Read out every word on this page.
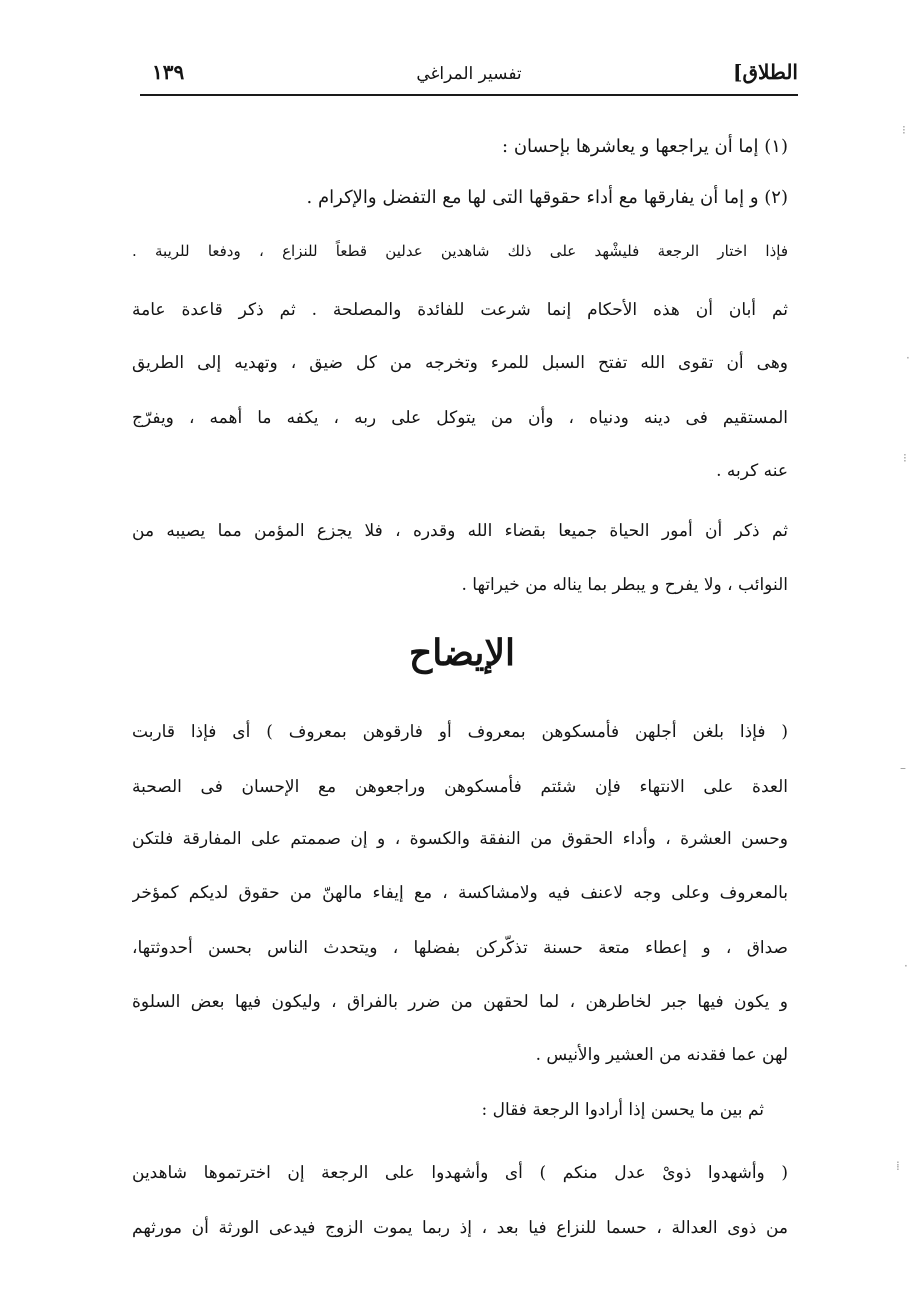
الطلاق]
تفسير المراغي
١٣٩
(١) إما أن يراجعها و يعاشرها بإحسان :
(٢) و إما أن يفارقها مع أداء حقوقها التى لها مع التفضل والإكرام .
فإذا اختار الرجعة فليشْهد على ذلك شاهدين عدلين قطعاً للنزاع ، ودفعا للريبة .
ثم أبان أن هذه الأحكام إنما شرعت للفائدة والمصلحة . ثم ذكر قاعدة عامة
وهى أن تقوى الله تفتح السبل للمرء وتخرجه من كل ضيق ، وتهديه إلى الطريق
المستقيم فى دينه ودنياه ، وأن من يتوكل على ربه ، يكفه ما أهمه ، ويفرّج
عنه كربه .
ثم ذكر أن أمور الحياة جميعا بقضاء الله وقدره ، فلا يجزع المؤمن مما يصيبه من
النوائب ، ولا يفرح و يبطر بما يناله من خيراتها .
الإيضاح
( فإذا بلغن أجلهن فأمسكوهن بمعروف أو فارقوهن بمعروف ) أى فإذا قاربت
العدة على الانتهاء فإن شئتم فأمسكوهن وراجعوهن مع الإحسان فى الصحبة
وحسن العشرة ، وأداء الحقوق من النفقة والكسوة ، و إن صممتم على المفارقة فلتكن
بالمعروف وعلى وجه لاعنف فيه ولامشاكسة ، مع إيفاء مالهنّ من حقوق لديكم كمؤخر
صداق ، و إعطاء متعة حسنة تذكّركن بفضلها ، ويتحدث الناس بحسن أحدوثتها،
و يكون فيها جبر لخاطرهن ، لما لحقهن من ضرر بالفراق ، وليكون فيها بعض السلوة
لهن عما فقدنه من العشير والأنيس .
ثم بين ما يحسن إذا أرادوا الرجعة فقال :
( وأشهدوا ذوىْ عدل منكم ) أى وأشهدوا على الرجعة إن اخترتموها شاهدين
من ذوى العدالة ، حسما للنزاع فيا بعد ، إذ ربما يموت الزوج فيدعى الورثة أن مورثهم
⁝
·
⁝
–
·
⁞
